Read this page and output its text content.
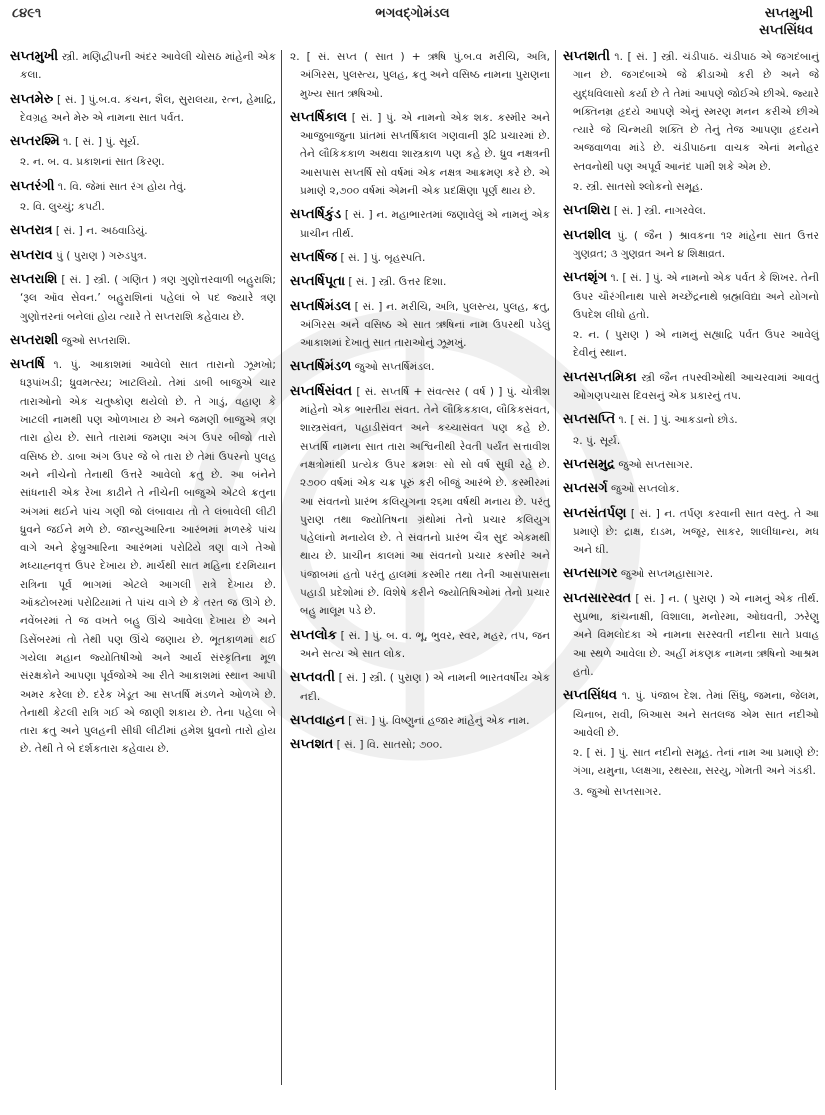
૮૪૯૧	ભગવદ્ગોમંડલ	સપ્તમુખી
સપ્તસિંધવ
સપ્તમુખી સ્ત્રી. મણિદ્વીપની અંદર આવેલી ચોસઠ માંહેની એક કલા.
સપ્તમેરુ [ સં. ] પું.બ.વ. કંચન, શૈલ, સુરાલયા, રત્ન, હેમાદ્રિ, દેવગ્રહ અને મેરુ એ નામના સાત પર્વત.
સપ્તરશ્મિ ૧. [ સં. ] પું. સૂર્ય.
૨. ન. બ. વ. પ્રકાશનાં સાત કિરણ.
સપ્તરંગી ૧. વિ. જેમાં સાત રંગ હોય તેવું.
૨. વિ. લુચ્ચું; કપટી.
સપ્તરાત્ર [ સં. ] ન. અઠવાડિયું.
સપ્તરાવ પું ( પુરાણ ) ગરુડપુત્ર.
સપ્તરાશિ [ સં. ] સ્ત્રી. ( ગણિત ) ત્રણ ગુણોત્તરવાળી બહુરાશિ; ‘રૂલ ઑવ સેવન.’ બહુરાશિનાં પહેલાં બે પદ જ્યારે ત્રણ ગુણોત્તરનાં બનેલાં હોય ત્યારે તે સપ્તરાશિ કહેવાય છે.
સપ્તરાશી જુઓ સપ્તરાશિ.
સપ્તર્ષિ ૧. પું. આકાશમાં આવેલો સાત તારાનો ઝૂમખો; ધરૂપાંખડી; ધ્રુવમત્સ્ય; ખાટલિયો. તેમાં ડાબી બાજુએ ચાર તારાઓનો એક ચતુષ્કોણ થયેલો છે. તે ગાડું, વહાણ કે ખાટલી નામથી પણ ઓળખાય છે અને જમણી બાજુએ ત્રણ તારા હોય છે. સાતે તારામાં જમણા અંગ ઉપર બીજો તારો વસિષ્ઠ છે. ડાબા અંગ ઉપર જે બે તારા છે તેમાં ઉપરનો પુલહ અને નીચેનો તેનાથી ઉત્તરે આવેલો ક્રતુ છે. આ બંનેને સાંધનારી એક રેખા કાઢીને તે નીચેની બાજુએ એટલે ક્રતુના અંગમાં થઈને પાંચ ગણી જો લંબાવાય તો તે લંબાવેલી લીટી ધ્રુવને જઈને મળે છે. જાન્યુઆરિના આરંભમાં મળસ્કે પાંચ વાગે અને ફેબ્રુઆરિના આરંભમાં પરોઢિયે ત્રણ વાગે તેઓ મધ્યાહ્નવૃત્ત ઉપર દેખાય છે. માર્ચથી સાત મહિના દરમિયાન રાત્રિના પૂર્વ ભાગમાં એટલે આગલી રાત્રે દેખાય છે. ઑક્ટોબરમાં પરોઢિયામાં તે પાંચ વાગે છે કે તરત જ ઊગે છે. નવેંબરમાં તે જ વખતે બહુ ઊંચે આવેલા દેખાય છે અને ડિસેંબરમાં તો તેથી પણ ઊંચે જણાય છે. ભૂતકાળમાં થઈ ગયેલા મહાન જ્યોતિષીઓ અને આર્ય સંસ્કૃતિના મૂળ સંરક્ષકોને આપણા પૂર્વજોએ આ રીતે આકાશમાં સ્થાન આપી અમર કરેલા છે. દરેક ખેડૂત આ સપ્તર્ષિ મંડળને ઓળખે છે. તેનાથી કેટલી રાત્રિ ગઈ એ જાણી શકાય છે. તેના પહેલા બે તારા ક્રતુ અને પુલહની સીધી લીટીમાં હમેશ ધ્રુવનો તારો હોય છે. તેથી તે બે દર્શકતારા કહેવાય છે.
૨. [ સં. સપ્ત ( સાત ) + ઋષિ પું.બ.વ મરીચિ, અત્રિ, અંગિરસ, પુલસ્ત્ય, પુલહ, ક્રતુ અને વસિષ્ઠ નામના પુરાણના મુખ્ય સાત ઋષિઓ.
સપ્તર્ષિકાલ [ સં. ] પું. એ નામનો એક શક. કસ્મીર અને આજુબાજુના પ્રાંતમાં સપ્તર્ષિકાલ ગણવાની રૂઢિ પ્રચારમાં છે. તેને લૌકિકકાળ અથવા શાસ્ત્રકાળ પણ કહે છે. ધ્રુવ નક્ષત્રની આસપાસ સપ્તર્ષિ સો વર્ષમાં એક નક્ષત્ર આક્રમણ કરે છે. એ પ્રમાણે ૨,૭૦૦ વર્ષમાં એમની એક પ્રદક્ષિણા પૂર્ણ થાય છે.
સપ્તર્ષિકુંડ [ સં. ] ન. મહાભારતમાં જણાવેલું એ નામનું એક પ્રાચીન તીર્થ.
સપ્તર્ષિજ [ સં. ] પું. બૃહસ્પતિ.
સપ્તર્ષિપૂતા [ સં. ] સ્ત્રી. ઉત્તર દિશા.
સપ્તર્ષિમંડલ [ સં. ] ન. મરીચિ, અત્રિ, પુલસ્ત્ય, પુલહ, ક્રતુ, અંગિરસ અને વસિષ્ઠ એ સાત ઋષિનાં નામ ઉપરથી પડેલું આકાશમાં દેખાતું સાત તારાઓનું ઝૂમખું.
સપ્તર્ષિમંડળ જુઓ સપ્તર્ષિમંડલ.
સપ્તર્ષિસંવત [ સં. સપ્તર્ષિ + સંવત્સર ( વર્ષ ) ] પું. ચોત્રીશ માંહેનો એક ભારતીય સંવત. તેને લૌકિકકાલ, લૌકિકસંવત, શાસ્ત્રસંવત, પહાડીસંવત અને કચ્ચાસંવત પણ કહે છે. સપ્તર્ષિ નામના સાત તારા અશ્વિનીથી રેવતી પર્યંત સત્તાવીશ નક્ષત્રોમાંથી પ્રત્યેક ઉપર ક્રમશઃ સો સો વર્ષ સુધી રહે છે. ૨૭૦૦ વર્ષમાં એક ચક્ર પૂરું કરી બીજું આરંભે છે. કસ્મીરમાં આ સંવતનો પ્રારંભ કલિયુગના ૨૬મા વર્ષથી મનાય છે. પરંતુ પુરાણ તથા જ્યોતિષના ગ્રંથોમાં તેનો પ્રચાર કલિયુગ પહેલાંનો મનાયેલ છે. તે સંવતનો પ્રારંભ ચૈત્ર સુદ એકમથી થાય છે. પ્રાચીન કાલમાં આ સંવતનો પ્રચાર કસ્મીર અને પંજાબમાં હતો પરંતુ હાલમાં કસ્મીર તથા તેની આસપાસના પહાડી પ્રદેશોમાં છે. વિશેષે કરીને જ્યોતિષિઓમાં તેનો પ્રચાર બહુ માલૂમ પડે છે.
સપ્તલોક [ સં. ] પું. બ. વ. ભૂ, ભુવર, સ્વર, મહર, તપ, જન અને સત્ય એ સાત લોક.
સપ્તવતી [ સં. ] સ્ત્રી. ( પુરાણ ) એ નામની ભારતવર્ષીય એક નદી.
સપ્તવાહન [ સં. ] પું. વિષ્ણુનાં હજાર માંહેનું એક નામ.
સપ્તશત [ સં. ] વિ. સાતસો; ૭૦૦.
સપ્તશતી ૧. [ સં. ] સ્ત્રી. ચંડીપાઠ. ચંડીપાઠ એ જગદંબાનું ગાન છે. જગદંબાએ જે ક્રીડાઓ કરી છે અને જે યુદ્ધવિલાસો કર્યા છે તે તેમાં આપણે જોઈએ છીએ. જ્યારે ભક્તિનમ્ર હૃદયે આપણે એનું સ્મરણ મનન કરીએ છીએ ત્યારે જે ચિન્મયી શક્તિ છે તેનું તેજ આપણા હૃદયને અજવાળવા માંડે છે. ચંડીપાઠના વાચક એનાં મનોહર સ્તવનોથી પણ અપૂર્વ આનંદ પામી શકે એમ છે.
૨. સ્ત્રી. સાતસો શ્લોકનો સમૂહ.
સપ્તશિરા [ સં. ] સ્ત્રી. નાગરવેલ.
સપ્તશીલ પું. ( જૈન ) શ્રાવકના ૧૨ માંહેના સાત ઉત્તર ગુણવ્રત; ૩ ગુણવ્રત અને ૪ શિક્ષાવ્રત.
સપ્તશૃંગ ૧. [ સં. ] પું. એ નામનો એક પર્વત કે શિખર. તેની ઉપર ચૌરંગીનાથ પાસે મચ્છેંદ્રનાથે બ્રહ્મવિદ્યા અને યોગનો ઉપદેશ લીધો હતો.
૨. ન. ( પુરાણ ) એ નામનું સહ્યાદ્રિ પર્વત ઉપર આવેલું દેવીનું સ્થાન.
સપ્તસપ્તમિકા સ્ત્રી જૈન તપસ્વીઓથી આચરવામાં આવતું ઓગણપચાસ દિવસનું એક પ્રકારનું તપ.
સપ્તસપ્તિ ૧. [ સં. ] પું. આકડાનો છોડ.
૨. પું. સૂર્ય.
સપ્તસમુદ્ર જુઓ સપ્તસાગર.
સપ્તસર્ગ જુઓ સપ્તલોક.
સપ્તસંતર્પણ [ સં. ] ન. તર્પણ કરવાની સાત વસ્તુ. તે આ પ્રમાણે છે: દ્રાક્ષ, દાડમ, ખજૂર, સાકર, શાલીધાન્ય, મધ અને ઘી.
સપ્તસાગર જુઓ સપ્તમહાસાગર.
સપ્તસારસ્વત [ સં. ] ન. ( પુરાણ ) એ નામનું એક તીર્થ. સુપ્રભા, કાંચનાક્ષી, વિશાલા, મનોરમા, ઓઘવતી, ઝરેણુ અને વિમલોદકા એ નામના સરસ્વતી નદીના સાતે પ્રવાહ આ સ્થળે આવેલા છે. અહીં મંકણક નામના ઋષિનો આશ્રમ હતો.
સપ્તસિંધવ ૧. પું. પંજાબ દેશ. તેમાં સિંધુ, જમના, જેલમ, ચિનાબ, રાવી, બિઆસ અને સતલજ એમ સાત નદીઓ આવેલી છે.
૨. [ સં. ] પું. સાત નદીનો સમૂહ. તેનાં નામ આ પ્રમાણે છે: ગંગા, યમુના, પ્લક્ષગા, રથસ્યા, સરયુ, ગોમતી અને ગંડકી.
૩. જુઓ સપ્તસાગર.
